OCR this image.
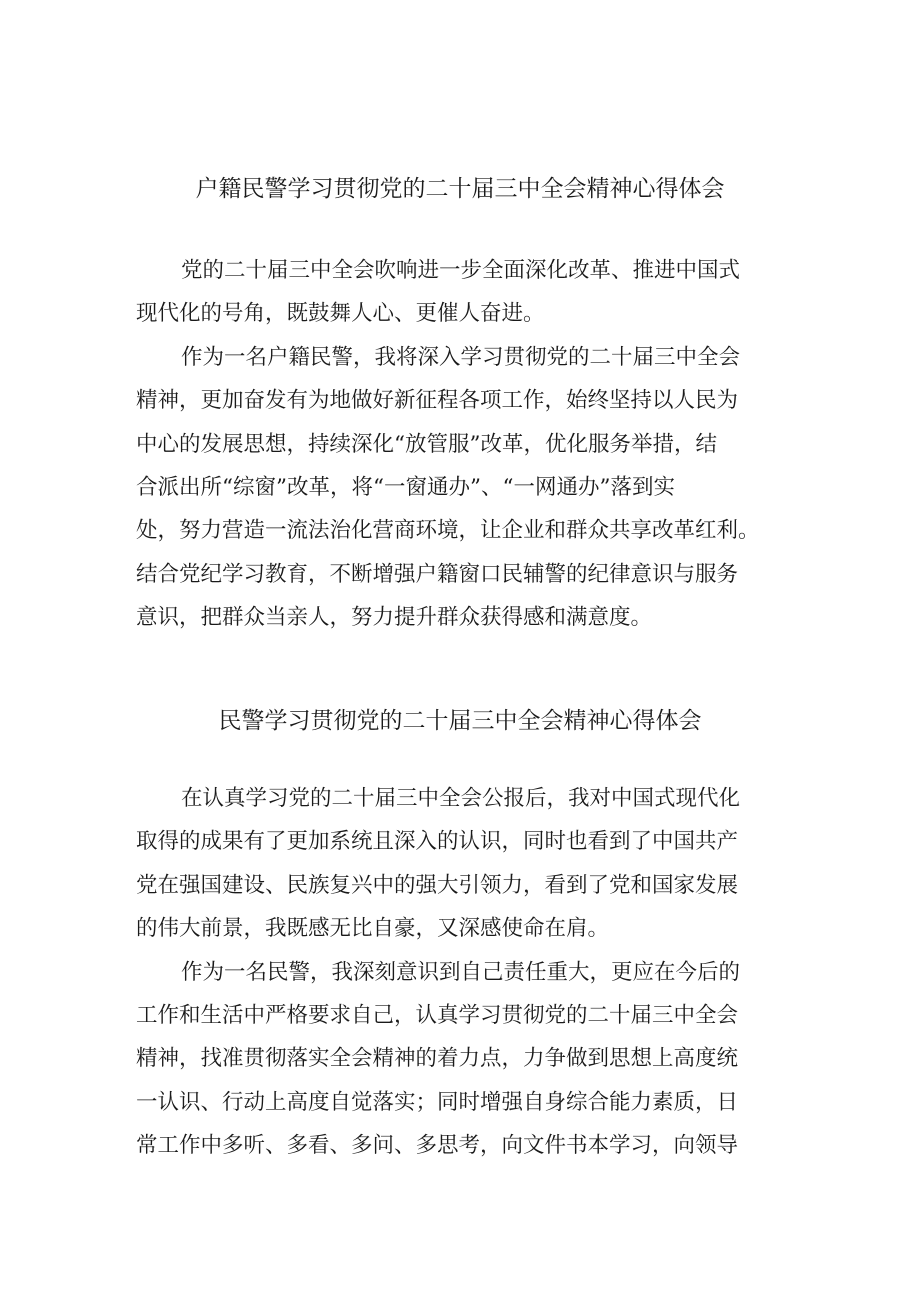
户籍民警学习贯彻党的二十届三中全会精神心得体会
党的二十届三中全会吹响进一步全面深化改革、推进中国式
现代化的号角，既鼓舞人心、更催人奋进。
作为一名户籍民警，我将深入学习贯彻党的二十届三中全会
精神，更加奋发有为地做好新征程各项工作，始终坚持以人民为
中心的发展思想，持续深化“放管服”改革，优化服务举措，结
合派出所“综窗”改革，将“一窗通办”、“一网通办”落到实
处，努力营造一流法治化营商环境，让企业和群众共享改革红利。
结合党纪学习教育，不断增强户籍窗口民辅警的纪律意识与服务
意识，把群众当亲人，努力提升群众获得感和满意度。
民警学习贯彻党的二十届三中全会精神心得体会
在认真学习党的二十届三中全会公报后，我对中国式现代化
取得的成果有了更加系统且深入的认识，同时也看到了中国共产
党在强国建设、民族复兴中的强大引领力，看到了党和国家发展
的伟大前景，我既感无比自豪，又深感使命在肩。
作为一名民警，我深刻意识到自己责任重大，更应在今后的
工作和生活中严格要求自己，认真学习贯彻党的二十届三中全会
精神，找准贯彻落实全会精神的着力点，力争做到思想上高度统
一认识、行动上高度自觉落实；同时增强自身综合能力素质，日
常工作中多听、多看、多问、多思考，向文件书本学习，向领导
